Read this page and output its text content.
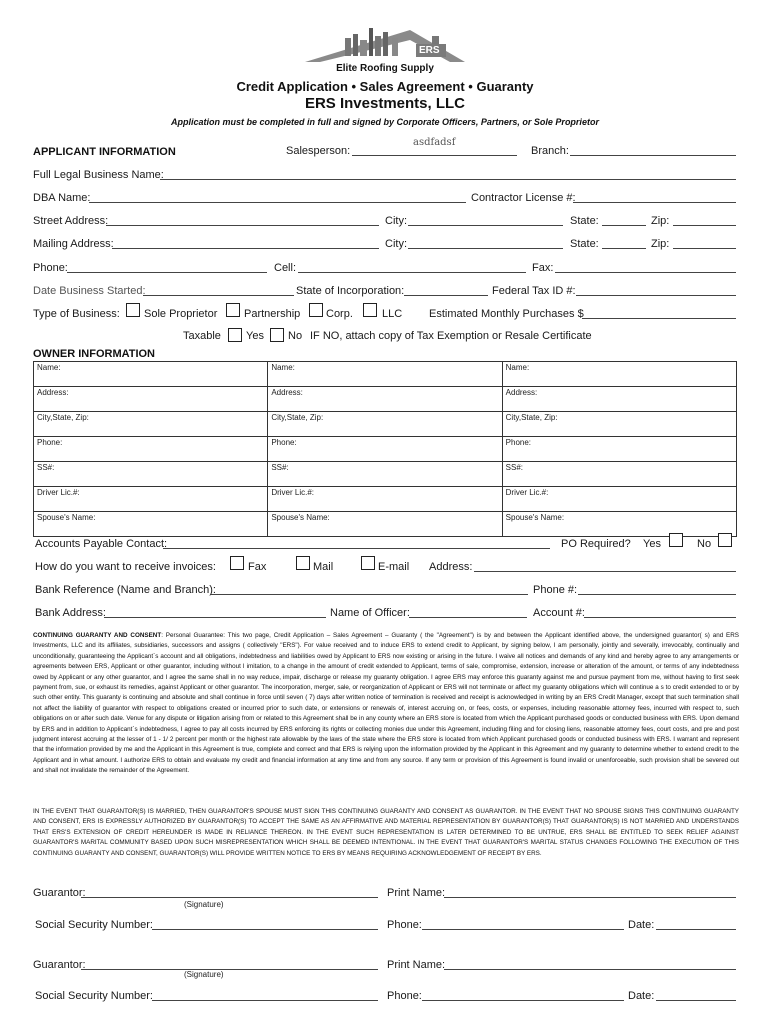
ERS
Elite Roofing Supply
Credit Application • Sales Agreement • Guaranty
ERS Investments, LLC
Application must be completed in full and signed by Corporate Officers, Partners, or Sole Proprietor
APPLICANT INFORMATION	Salesperson:
asdfadsf
Branch:
Full Legal Business Name:
DBA Name:	Contractor License #:
Street Address:	City:	State:	Zip:
Mailing Address:	City:	State:	Zip:
Phone:	Cell:	Fax:
Date Business Started:	State of Incorporation:	Federal Tax ID #:
Type of Business: Sole Proprietor Partnership Corp.	LLC Estimated Monthly Purchases $
Taxable Yes No IF NO, attach copy of Tax Exemption or Resale Certificate
OWNER INFORMATION
Name:	Name:	Name:
Address:	Address:	Address:
City,State, Zip:	City,State, Zip:	City,State, Zip:
Phone:	Phone:	Phone:
SS#:	SS#:	SS#:
Driver Lic.#:	Driver Lic.#:	Driver Lic.#:
Spouse's Name:	Spouse's Name:	Spouse's Name:
Accounts Payable Contact:	PO Required? Yes	No
How do you want to receive invoices:	Fax	Mail	E-mail Address:
Bank Reference (Name and Branch):	Phone #:
Bank Address:	Name of Officer:	Account #:
CONTINUING GUARANTY AND CONSENT: Personal Guarantee: This two page, Credit Application – Sales Agreement – Guaranty ( the "Agreement") is by and between the Applicant identified above, the undersigned guarantor( s) and ERS Investments, LLC and its affiliates, subsidiaries, successors and assigns ( collectively "ERS"). For value received and to induce ERS to extend credit to Applicant, by signing below, I am personally, jointly and severally, irrevocably, continually and unconditionally, guaranteeing the Applicant`s account and all obligations, indebtedness and liabilities owed by Applicant to ERS now existing or arising in the future. I waive all notices and demands of any kind and hereby agree to any arrangements or agreements between ERS, Applicant or other guarantor, including without l imitation, to a change in the amount of credit extended to Applicant, terms of sale, compromise, extension, increase or alteration of the amount, or terms of any indebtedness owed by Applicant or any other guarantor, and I agree the same shall in no way reduce, impair, discharge or release my guaranty obligation. I agree ERS may enforce this guaranty against me and pursue payment from me, without having to first seek payment from, sue, or exhaust its remedies, against Applicant or other guarantor. The incorporation, merger, sale, or reorganization of Applicant or ERS will not terminate or affect my guaranty obligations which will continue a s to credit extended to or by such other entity. This guaranty is continuing and absolute and shall continue in force until seven ( 7) days after written notice of termination is received and receipt is acknowledged in writing by an ERS Credit Manager, except that such termination shall not affect the liability of guarantor with respect to obligations created or incurred prior to such date, or extensions or renewals of, interest accruing on, or fees, costs, or expenses, including reasonable attorney fees, incurred with respect to, such obligations on or after such date. Venue for any dispute or litigation arising from or related to this Agreement shall be in any county where an ERS store is located from which the Applicant purchased goods or conducted business with ERS. Upon demand by ERS and in addition to Applicant`s indebtedness, I agree to pay all costs incurred by ERS enforcing its rights or collecting monies due under this Agreement, including filing and for closing liens, reasonable attorney fees, court costs, and pre and post judgment interest accruing at the lesser of 1 - 1/ 2 percent per month or the highest rate allowable by the laws of the state where the ERS store is located from which Applicant purchased goods or conducted business with ERS. I warrant and represent that the information provided by me and the Applicant in this Agreement is true, complete and correct and that ERS is relying upon the information provided by the Applicant in this Agreement and my guaranty to determine whether to extend credit to the Applicant and in what amount. I authorize ERS to obtain and evaluate my credit and financial information at any time and from any source. If any term or provision of this Agreement is found invalid or unenforceable, such provision shall be severed out and shall not invalidate the remainder of the Agreement.
IN THE EVENT THAT GUARANTOR(S) IS MARRIED, THEN GUARANTOR'S SPOUSE MUST SIGN THIS CONTINUING GUARANTY AND CONSENT AS GUARANTOR. IN THE EVENT THAT NO SPOUSE SIGNS THIS CONTINUING GUARANTY AND CONSENT, ERS IS EXPRESSLY AUTHORIZED BY GUARANTOR(S) TO ACCEPT THE SAME AS AN AFFIRMATIVE AND MATERIAL REPRESENTATION BY GUARANTOR(S) THAT GUARANTOR(S) IS NOT MARRIED AND UNDERSTANDS THAT ERS'S EXTENSION OF CREDIT HEREUNDER IS MADE IN RELIANCE THEREON. IN THE EVENT SUCH REPRESENTATION IS LATER DETERMINED TO BE UNTRUE, ERS SHALL BE ENTITLED TO SEEK RELIEF AGAINST GUARANTOR'S MARITAL COMMUNITY BASED UPON SUCH MISREPRESENTATION WHICH SHALL BE DEEMED INTENTIONAL. IN THE EVENT THAT GUARANTOR'S MARITAL STATUS CHANGES FOLLOWING THE EXECUTION OF THIS CONTINUING GUARANTY AND CONSENT, GUARANTOR(S) WILL PROVIDE WRITTEN NOTICE TO ERS BY MEANS REQUIRING ACKNOWLEDGEMENT OF RECEIPT BY ERS.
Guarantor:
(Signature)
Print Name:
Social Security Number:	Phone:	Date:
Guarantor:
(Signature)
Print Name:
Social Security Number:	Phone:	Date:
